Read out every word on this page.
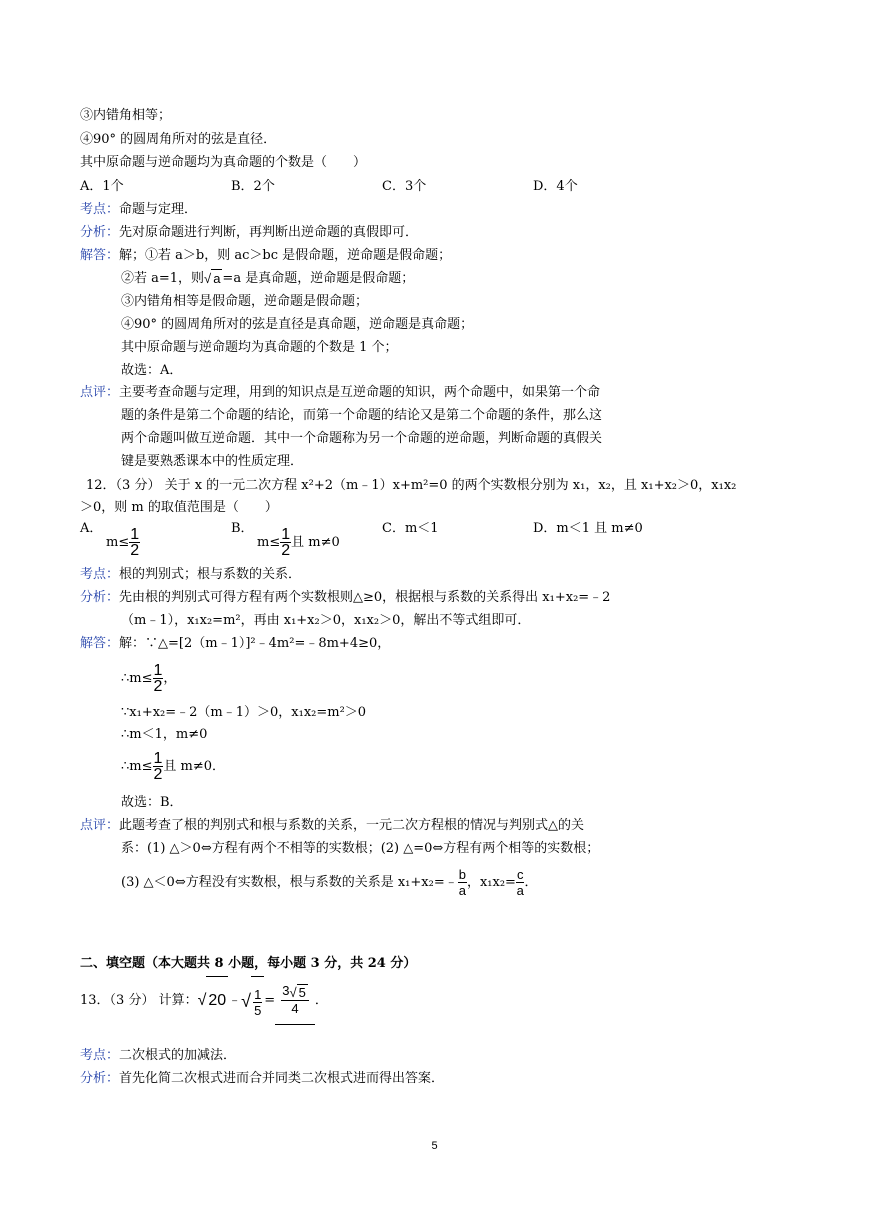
③内错角相等；
④90° 的圆周角所对的弦是直径．
其中原命题与逆命题均为真命题的个数是（　　）
A．1个	B．2个	C．3个	D．4个
考点：命题与定理．
分析：先对原命题进行判断，再判断出逆命题的真假即可．
解答：解；①若 a＞b，则 ac＞bc 是假命题，逆命题是假命题；
②若 a=1，则√ a =a 是真命题，逆命题是假命题；
③内错角相等是假命题，逆命题是假命题；
④90° 的圆周角所对的弦是直径是真命题，逆命题是真命题；
其中原命题与逆命题均为真命题的个数是 1 个；
故选：A．
点评：主要考查命题与定理，用到的知识点是互逆命题的知识，两个命题中，如果第一个命
题的条件是第二个命题的结论，而第一个命题的结论又是第二个命题的条件，那么这
两个命题叫做互逆命题．其中一个命题称为另一个命题的逆命题，判断命题的真假关
键是要熟悉课本中的性质定理．
12．（3 分） 关于 x 的一元二次方程 x²+2（m﹣1）x+m²=0 的两个实数根分别为 x₁，x₂，且 x₁+x₂＞0，x₁x₂
＞0，则 m 的取值范围是（　　）
A．
$m\le \frac{1}{2}$	B．
$m\le \frac{1}{2}$ 且 m≠0
C．m＜1	D．m＜1 且 m≠0
考点：根的判别式；根与系数的关系．
分析：先由根的判别式可得方程有两个实数根则△≥0，根据根与系数的关系得出 x₁+x₂=﹣2
（m﹣1），x₁x₂=m²，再由 x₁+x₂＞0，x₁x₂＞0，解出不等式组即可．
解答：解：∵△=[2（m﹣1）]²﹣4m²=﹣8m+4≥0，
∴m≤ $\frac{1}{2}$ ，
∵x₁+x₂=﹣2（m﹣1）＞0，x₁x₂=m²＞0
∴m＜1，m≠0
∴m≤ $\frac{1}{2}$ 且 m≠0．
故选：B．
点评：此题考查了根的判别式和根与系数的关系，一元二次方程根的情况与判别式△的关
系：(1) △＞0⇔方程有两个不相等的实数根；(2) △=0⇔方程有两个相等的实数根；
(3) △＜0⇔方程没有实数根，根与系数的关系是 x₁+x₂=﹣ $\frac{b}{a}$ ，$x_1x_2= \frac{c}{a}$ ．
二、填空题（本大题共 8 小题，每小题 3 分，共 24 分）
13．（3 分） 计算：√ 20 ﹣√ $\frac{1}{5} = \frac{3√ 5}{4}$ ．
考点：二次根式的加减法．
分析：首先化简二次根式进而合并同类二次根式进而得出答案．
5
